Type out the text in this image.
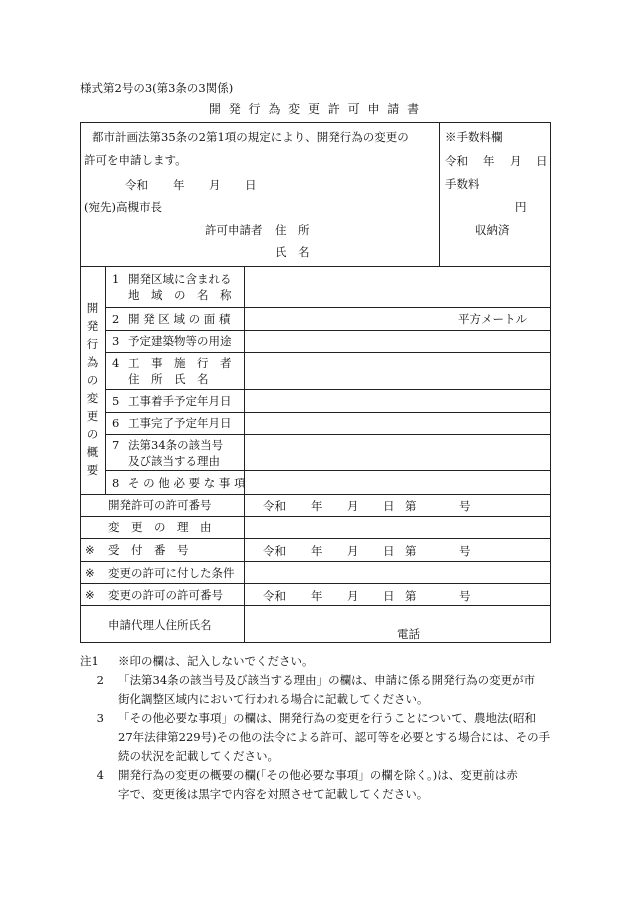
様式第2号の3(第3条の3関係)
開 発 行 為 変 更 許 可 申 請 書
都市計画法第35条の2第1項の規定により、開発行為の変更の
許可を申請します。
令和	年	月	日
(宛先)高槻市長
許可申請者 住　所
氏　名
※手数料欄
令和	年	月	日
手数料
円
収納済
開
発
行
為
の
変
更
の
概
要
1 開発区域に含まれる
地　域　の　名　称
2 開 発 区 域 の 面 積	平方メートル
3 予定建築物等の用途
4 工　事　施　行　者
住　所　氏　名
5 工事着手予定年月日
6 工事完了予定年月日
7 法第34条の該当号
及び該当する理由
8 そ の 他 必 要 な 事 項
開発許可の許可番号	令和	年	月	日 第	号
変　更　の　理　由
※ 受　付　番　号	令和	年	月	日 第	号
※ 変更の許可に付した条件
※ 変更の許可の許可番号	令和	年	月	日 第	号
申請代理人住所氏名
電話
注1 ※印の欄は、記入しないでください。
2 「法第34条の該当号及び該当する理由」の欄は、申請に係る開発行為の変更が市
街化調整区域内において行われる場合に記載してください。
3 「その他必要な事項」の欄は、開発行為の変更を行うことについて、農地法(昭和
27年法律第229号)その他の法令による許可、認可等を必要とする場合には、その手
続の状況を記載してください。
4 開発行為の変更の概要の欄(「その他必要な事項」の欄を除く。)は、変更前は赤
字で、変更後は黒字で内容を対照させて記載してください。
